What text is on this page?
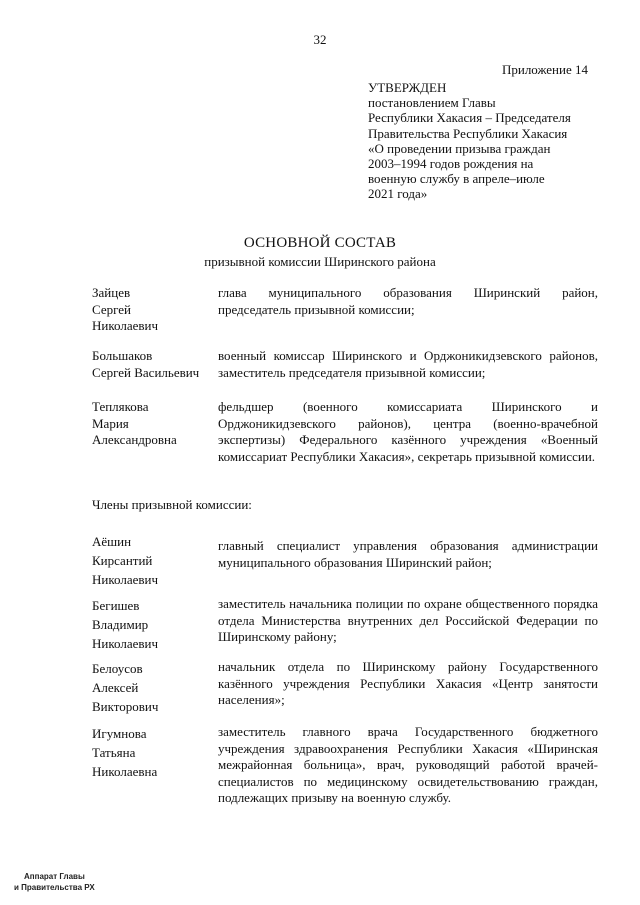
32
Приложение 14
УТВЕРЖДЕН
постановлением Главы
Республики Хакасия – Председателя
Правительства Республики Хакасия
«О проведении призыва граждан
2003–1994 годов рождения на
военную службу в апреле–июле
2021 года»
ОСНОВНОЙ СОСТАВ
призывной комиссии Ширинского района
Зайцев
Сергей
Николаевич
глава муниципального образования Ширинский район, председатель призывной комиссии;
Большаков
Сергей Васильевич
военный комиссар Ширинского и Орджоникидзевского районов, заместитель председателя призывной комиссии;
Теплякова
Мария
Александровна
фельдшер (военного комиссариата Ширинского и Орджоникидзевского районов), центра (военно-врачебной экспертизы) Федерального казённого учреждения «Военный комиссариат Республики Хакасия», секретарь призывной комиссии.
Члены призывной комиссии:
Аёшин
Кирсантий
Николаевич
главный специалист управления образования администрации муниципального образования Ширинский район;
Бегишев
Владимир
Николаевич
заместитель начальника полиции по охране общественного порядка отдела Министерства внутренних дел Российской Федерации по Ширинскому району;
Белоусов
Алексей
Викторович
начальник отдела по Ширинскому району Государственного казённого учреждения Республики Хакасия «Центр занятости населения»;
Игумнова
Татьяна
Николаевна
заместитель главного врача Государственного бюджетного учреждения здравоохранения Республики Хакасия «Ширинская межрайонная больница», врач, руководящий работой врачей-специалистов по медицинскому освидетельствованию граждан, подлежащих призыву на военную службу.
Аппарат Главы
и Правительства РХ
